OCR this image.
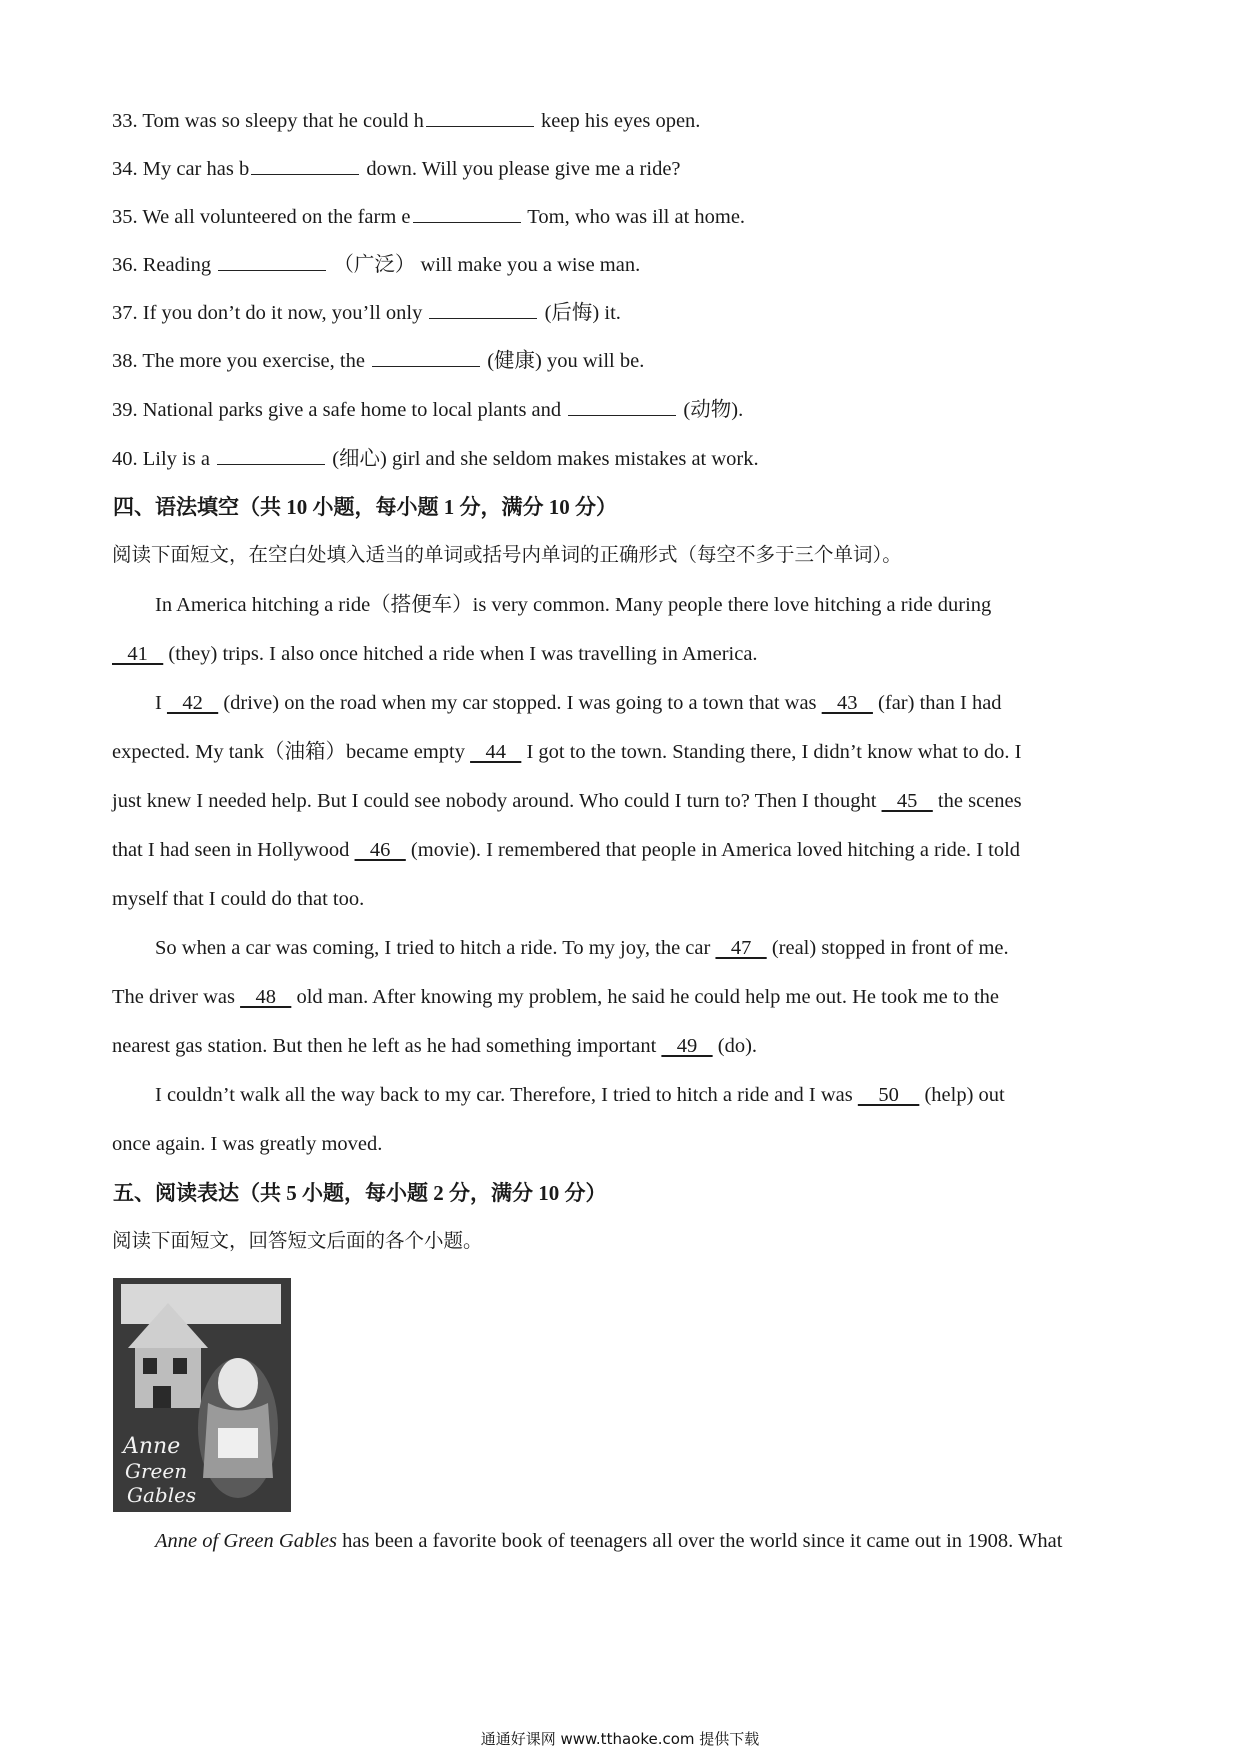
33. Tom was so sleepy that he could h	keep his eyes open.

34. My car has b	down. Will you please give me a ride?

35. We all volunteered on the farm e	Tom, who was ill at home.

36. Reading	（广泛） will make you a wise man.

37. If you don’t do it now, you’ll only	(后悔) it.

38. The more you exercise, the	(健康) you will be.

39. National parks give a safe home to local plants and	(动物).

40. Lily is a	(细心) girl and she seldom makes mistakes at work.

四、语法填空（共 10 小题，每小题 1 分，满分 10 分）

阅读下面短文，在空白处填入适当的单词或括号内单词的正确形式（每空不多于三个单词）。

In America hitching a ride（搭便车）is very common. Many people there love hitching a ride during

41    (they) trips. I also once hitched a ride when I was travelling in America.

I    42    (drive) on the road when my car stopped. I was going to a town that was    43    (far) than I had

expected. My tank（油箱）became empty    44    I got to the town. Standing there, I didn’t know what to do. I

just knew I needed help. But I could see nobody around. Who could I turn to? Then I thought    45    the scenes

that I had seen in Hollywood    46    (movie). I remembered that people in America loved hitching a ride. I told

myself that I could do that too.

So when a car was coming, I tried to hitch a ride. To my joy, the car    47    (real) stopped in front of me.

The driver was    48    old man. After knowing my problem, he said he could help me out. He took me to the

nearest gas station. But then he left as he had something important    49    (do).

I couldn’t walk all the way back to my car. Therefore, I tried to hitch a ride and I was     50     (help) out

once again. I was greatly moved.

五、阅读表达（共 5 小题，每小题 2 分，满分 10 分）

阅读下面短文，回答短文后面的各个小题。

Anne
Green
Gables

Anne of Green Gables has been a favorite book of teenagers all over the world since it came out in 1908. What

通通好课网 www.tthaoke.com 提供下载
